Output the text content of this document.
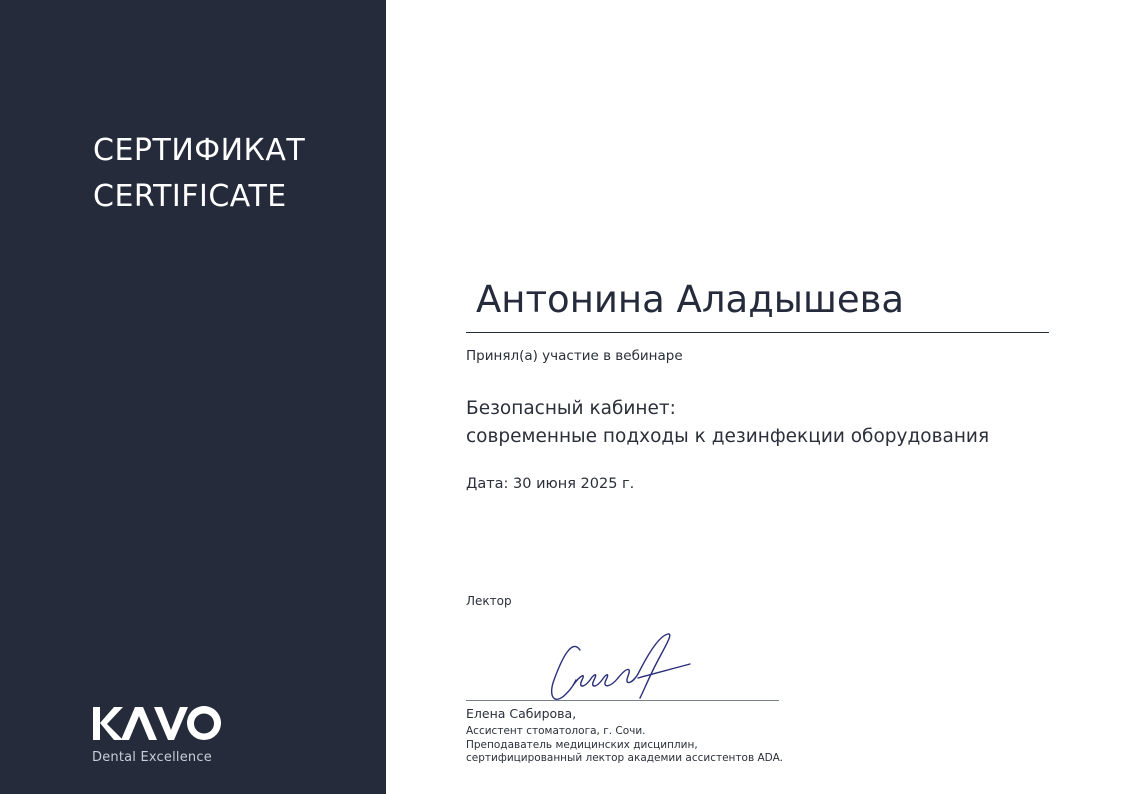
СЕРТИФИКАТ
CERTIFICATE
Dental Excellence
Антонина Аладышева
Принял(а) участие в вебинаре
Безопасный кабинет:
современные подходы к дезинфекции оборудования
Дата: 30 июня 2025 г.
Лектор
Елена Сабирова,
Ассистент стоматолога, г. Сочи.
Преподаватель медицинских дисциплин,
сертифицированный лектор академии ассистентов ADA.
